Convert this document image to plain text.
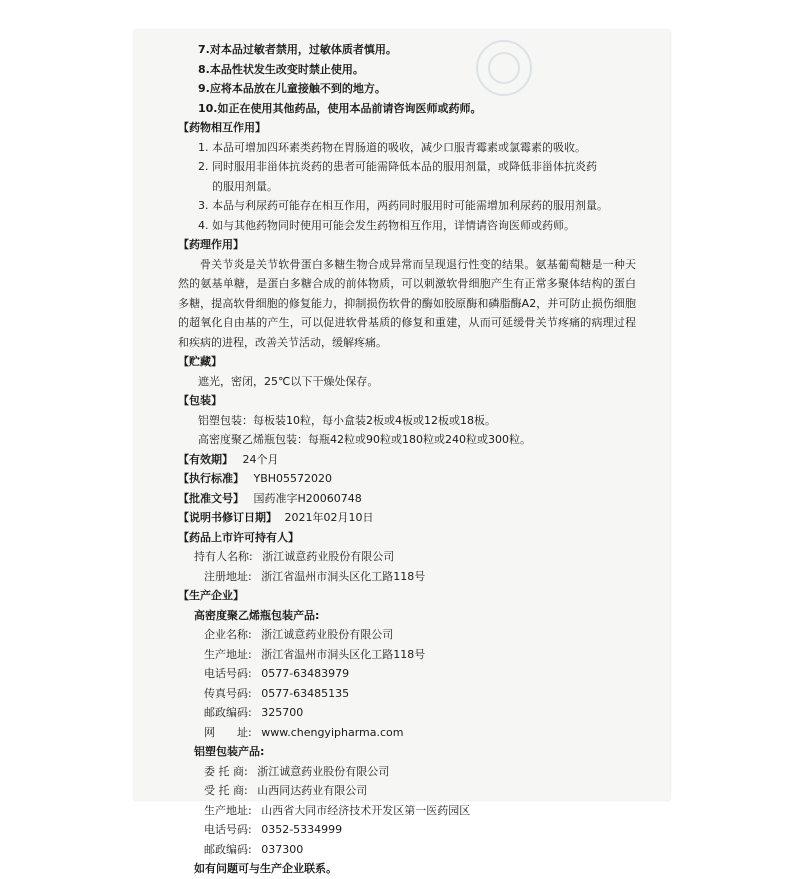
7.对本品过敏者禁用，过敏体质者慎用。
8.本品性状发生改变时禁止使用。
9.应将本品放在儿童接触不到的地方。
10.如正在使用其他药品，使用本品前请咨询医师或药师。
【药物相互作用】
1. 本品可增加四环素类药物在胃肠道的吸收，减少口服青霉素或氯霉素的吸收。
2. 同时服用非甾体抗炎药的患者可能需降低本品的服用剂量，或降低非甾体抗炎药
的服用剂量。
3. 本品与利尿药可能存在相互作用，两药同时服用时可能需增加利尿药的服用剂量。
4. 如与其他药物同时使用可能会发生药物相互作用，详情请咨询医师或药师。
【药理作用】
骨关节炎是关节软骨蛋白多糖生物合成异常而呈现退行性变的结果。氨基葡萄糖是一种天然的氨基单糖，是蛋白多糖合成的前体物质，可以刺激软骨细胞产生有正常多聚体结构的蛋白多糖，提高软骨细胞的修复能力，抑制损伤软骨的酶如胶原酶和磷脂酶A2，并可防止损伤细胞的超氧化自由基的产生，可以促进软骨基质的修复和重建，从而可延缓骨关节疼痛的病理过程和疾病的进程，改善关节活动，缓解疼痛。
【贮藏】
遮光，密闭，25℃以下干燥处保存。
【包装】
铝塑包装：每板装10粒，每小盒装2板或4板或12板或18板。
高密度聚乙烯瓶包装：每瓶42粒或90粒或180粒或240粒或300粒。
【有效期】 24个月
【执行标准】 YBH05572020
【批准文号】 国药准字H20060748
【说明书修订日期】 2021年02月10日
【药品上市许可持有人】
持有人名称: 浙江诚意药业股份有限公司
注册地址: 浙江省温州市洞头区化工路118号
【生产企业】
高密度聚乙烯瓶包装产品:
企业名称: 浙江诚意药业股份有限公司
生产地址: 浙江省温州市洞头区化工路118号
电话号码: 0577-63483979
传真号码: 0577-63485135
邮政编码: 325700
网　　址: www.chengyipharma.com
铝塑包装产品:
委 托 商: 浙江诚意药业股份有限公司
受 托 商: 山西同达药业有限公司
生产地址: 山西省大同市经济技术开发区第一医药园区
电话号码: 0352-5334999
邮政编码: 037300
如有问题可与生产企业联系。
